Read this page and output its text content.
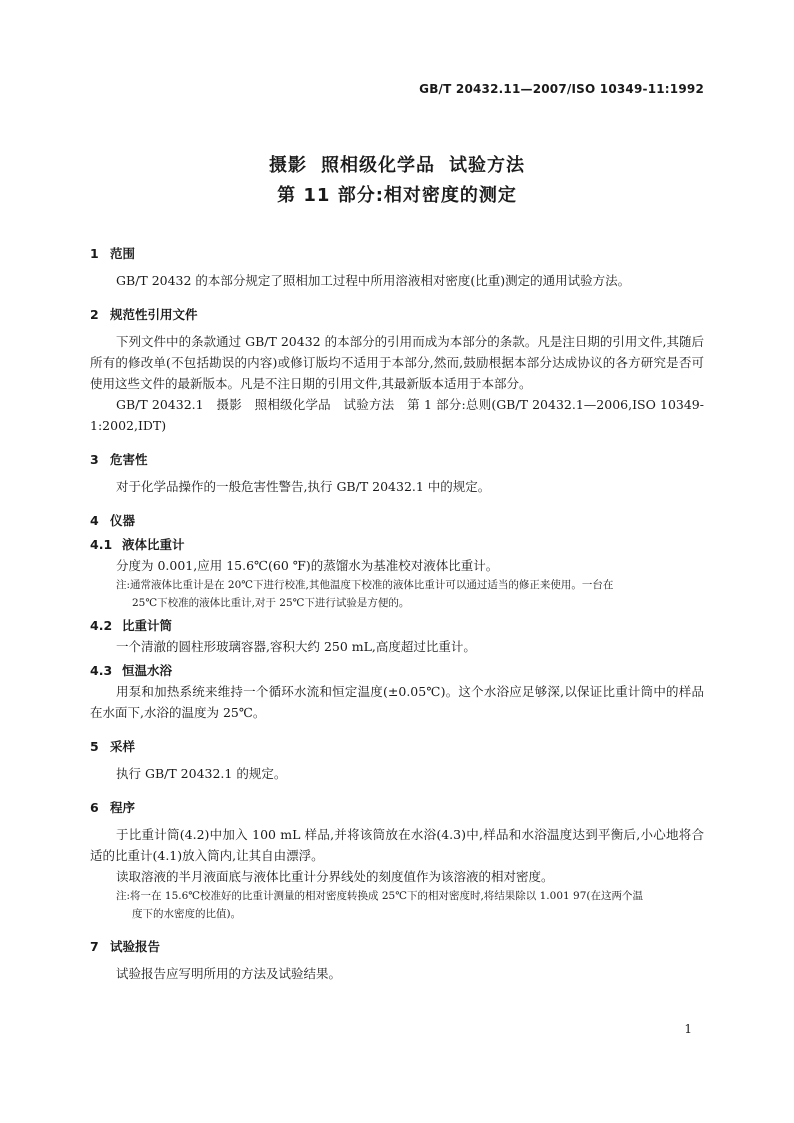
GB/T 20432.11—2007/ISO 10349-11:1992
摄影 照相级化学品 试验方法
第 11 部分:相对密度的测定
1 范围
GB/T 20432 的本部分规定了照相加工过程中所用溶液相对密度(比重)测定的通用试验方法。
2 规范性引用文件
下列文件中的条款通过 GB/T 20432 的本部分的引用而成为本部分的条款。凡是注日期的引用文件,其随后所有的修改单(不包括勘误的内容)或修订版均不适用于本部分,然而,鼓励根据本部分达成协议的各方研究是否可使用这些文件的最新版本。凡是不注日期的引用文件,其最新版本适用于本部分。
GB/T 20432.1　摄影　照相级化学品　试验方法　第 1 部分:总则(GB/T 20432.1—2006,ISO 10349-1:2002,IDT)
3 危害性
对于化学品操作的一般危害性警告,执行 GB/T 20432.1 中的规定。
4 仪器
4.1 液体比重计
分度为 0.001,应用 15.6℃(60 ℉)的蒸馏水为基准校对液体比重计。
注:通常液体比重计是在 20℃下进行校准,其他温度下校准的液体比重计可以通过适当的修正来使用。一台在
25℃下校准的液体比重计,对于 25℃下进行试验是方便的。
4.2 比重计筒
一个清澈的圆柱形玻璃容器,容积大约 250 mL,高度超过比重计。
4.3 恒温水浴
用泵和加热系统来维持一个循环水流和恒定温度(±0.05℃)。这个水浴应足够深,以保证比重计筒中的样品在水面下,水浴的温度为 25℃。
5 采样
执行 GB/T 20432.1 的规定。
6 程序
于比重计筒(4.2)中加入 100 mL 样品,并将该筒放在水浴(4.3)中,样品和水浴温度达到平衡后,小心地将合适的比重计(4.1)放入筒内,让其自由漂浮。
读取溶液的半月液面底与液体比重计分界线处的刻度值作为该溶液的相对密度。
注:将一在 15.6℃校准好的比重计测量的相对密度转换成 25℃下的相对密度时,将结果除以 1.001 97(在这两个温
度下的水密度的比值)。
7 试验报告
试验报告应写明所用的方法及试验结果。
1
